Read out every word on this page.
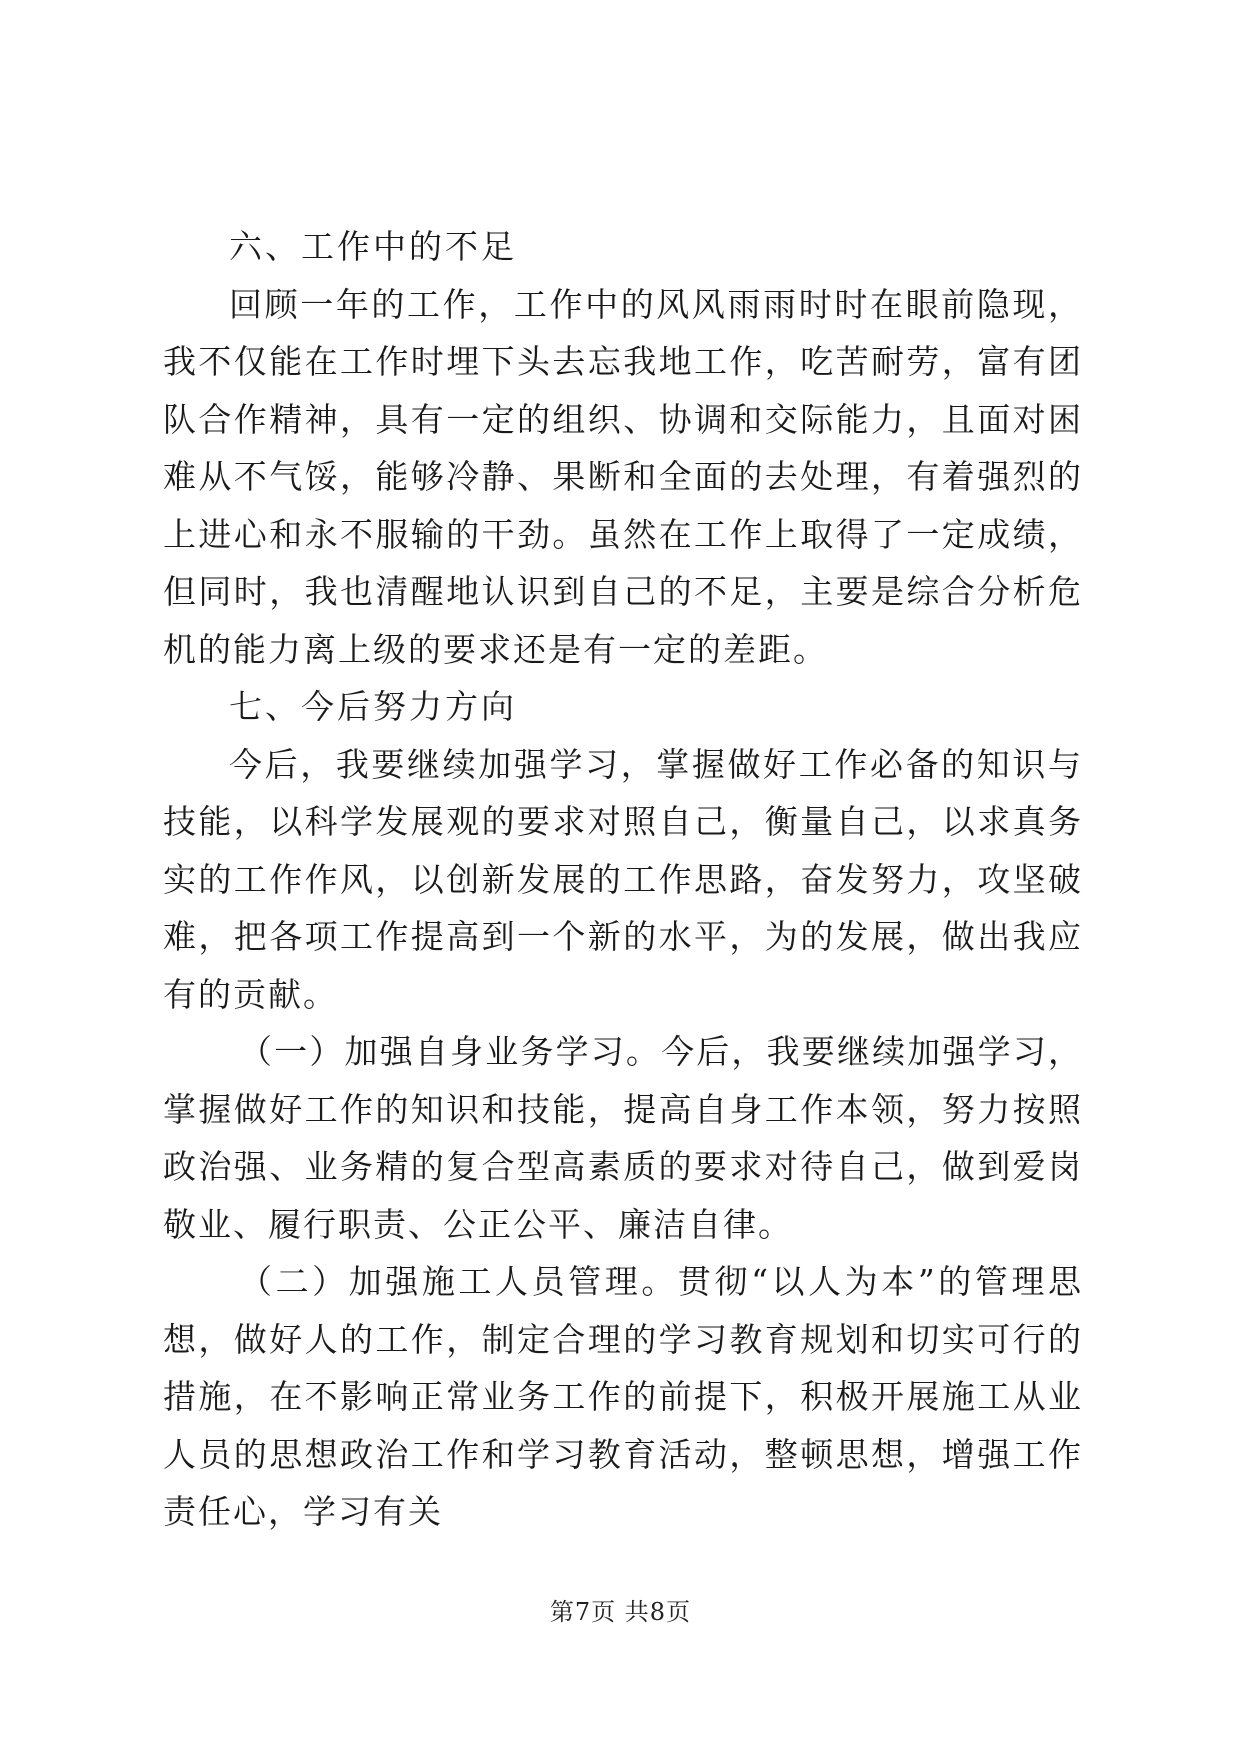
六、工作中的不足

回顾一年的工作，工作中的风风雨雨时时在眼前隐现，我不仅能在工作时埋下头去忘我地工作，吃苦耐劳，富有团队合作精神，具有一定的组织、协调和交际能力，且面对困难从不气馁，能够冷静、果断和全面的去处理，有着强烈的上进心和永不服输的干劲。虽然在工作上取得了一定成绩，但同时，我也清醒地认识到自己的不足，主要是综合分析危机的能力离上级的要求还是有一定的差距。

七、今后努力方向

今后，我要继续加强学习，掌握做好工作必备的知识与技能，以科学发展观的要求对照自己，衡量自己，以求真务实的工作作风，以创新发展的工作思路，奋发努力，攻坚破难，把各项工作提高到一个新的水平，为的发展，做出我应有的贡献。

（一）加强自身业务学习。今后，我要继续加强学习，掌握做好工作的知识和技能，提高自身工作本领，努力按照政治强、业务精的复合型高素质的要求对待自己，做到爱岗敬业、履行职责、公正公平、廉洁自律。

（二）加强施工人员管理。贯彻“以人为本”的管理思想，做好人的工作，制定合理的学习教育规划和切实可行的措施，在不影响正常业务工作的前提下，积极开展施工从业人员的思想政治工作和学习教育活动，整顿思想，增强工作责任心，学习有关

第7页 共8页
